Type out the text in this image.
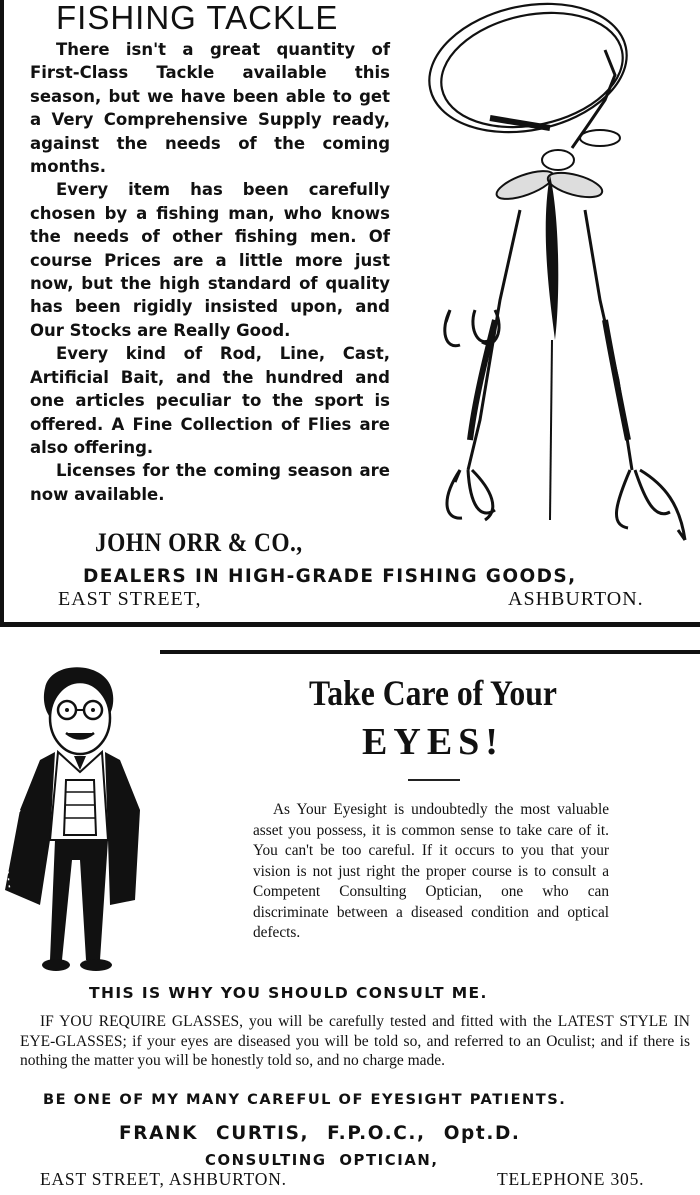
FISHING TACKLE

There isn't a great quantity of First-Class Tackle available this season, but we have been able to get a Very Comprehensive Supply ready, against the needs of the coming months.

Every item has been carefully chosen by a fishing man, who knows the needs of other fishing men. Of course Prices are a little more just now, but the high standard of quality has been rigidly insisted upon, and Our Stocks are Really Good.

Every kind of Rod, Line, Cast, Artificial Bait, and the hundred and one articles peculiar to the sport is offered. A Fine Collection of Flies are also offering.

Licenses for the coming season are now available.

JOHN ORR & CO.,
DEALERS IN HIGH-GRADE FISHING GOODS,
EAST STREET,	ASHBURTON.
Take Care of Your
EYES!

As Your Eyesight is undoubtedly the most valuable asset you possess, it is common sense to take care of it. You can't be too careful. If it occurs to you that your vision is not just right the proper course is to consult a Competent Consulting Optician, one who can discriminate between a diseased condition and optical defects.

THIS IS WHY YOU SHOULD CONSULT ME.

IF YOU REQUIRE GLASSES, you will be carefully tested and fitted with the LATEST STYLE IN EYE-GLASSES; if your eyes are diseased you will be told so, and referred to an Oculist; and if there is nothing the matter you will be honestly told so, and no charge made.

BE ONE OF MY MANY CAREFUL OF EYESIGHT PATIENTS.
FRANK CURTIS, F.P.O.C., Opt.D.
CONSULTING OPTICIAN,
EAST STREET, ASHBURTON.	TELEPHONE 305.
